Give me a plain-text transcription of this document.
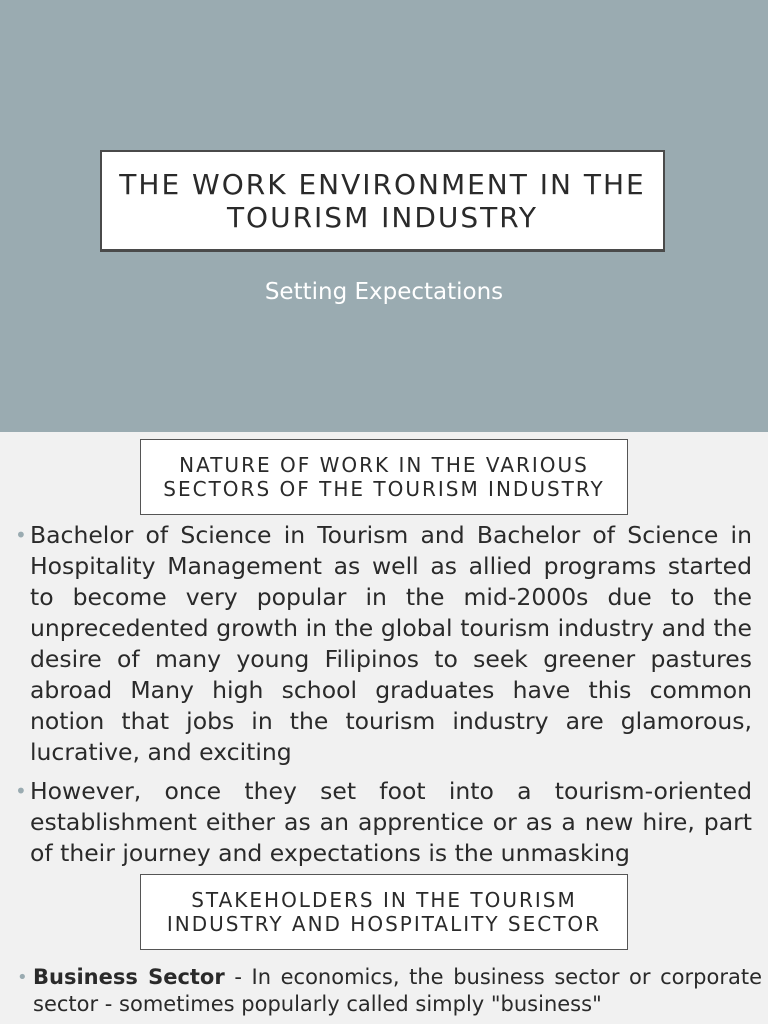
THE WORK ENVIRONMENT IN THE TOURISM INDUSTRY
Setting Expectations
NATURE OF WORK IN THE VARIOUS SECTORS OF THE TOURISM INDUSTRY
• Bachelor of Science in Tourism and Bachelor of Science in Hospitality Management as well as allied programs started to become very popular in the mid-2000s due to the unprecedented growth in the global tourism industry and the desire of many young Filipinos to seek greener pastures abroad Many high school graduates have this common notion that jobs in the tourism industry are glamorous, lucrative, and exciting
• However, once they set foot into a tourism-oriented establishment either as an apprentice or as a new hire, part of their journey and expectations is the unmasking
STAKEHOLDERS IN THE TOURISM INDUSTRY AND HOSPITALITY SECTOR
• Business Sector - In economics, the business sector or corporate sector - sometimes popularly called simply "business"
